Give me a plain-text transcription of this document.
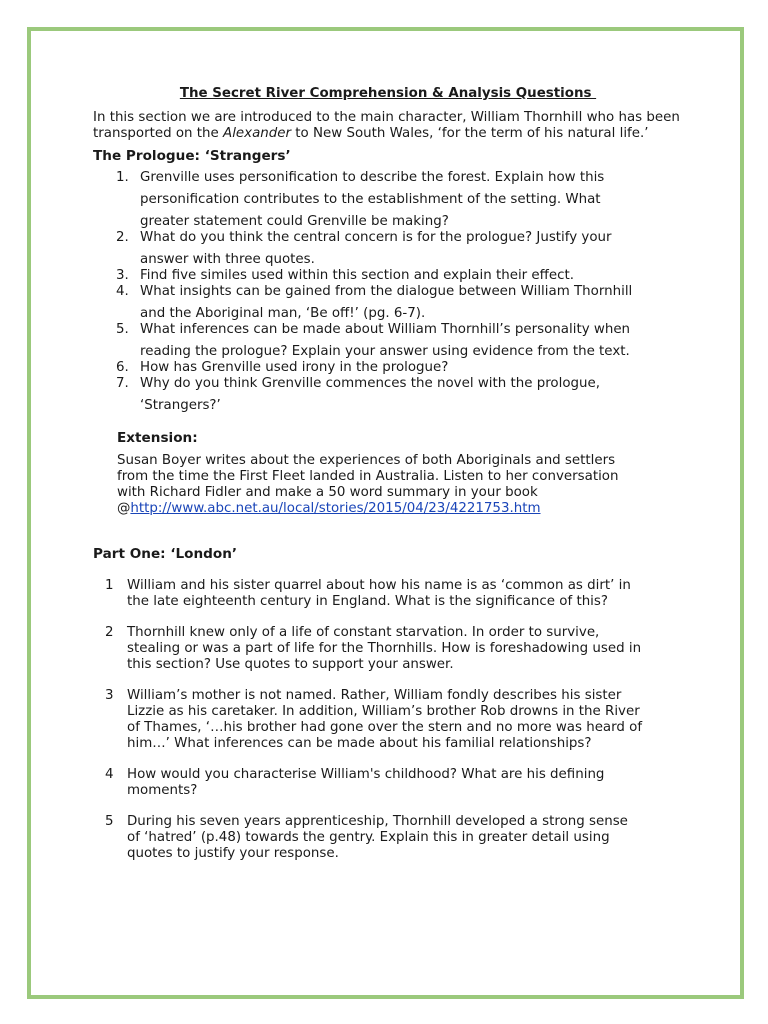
The Secret River Comprehension & Analysis Questions

In this section we are introduced to the main character, William Thornhill who has been transported on the Alexander to New South Wales, ‘for the term of his natural life.’

The Prologue: ‘Strangers’
1. Grenville uses personification to describe the forest. Explain how this
personification contributes to the establishment of the setting. What
greater statement could Grenville be making?
2. What do you think the central concern is for the prologue? Justify your
answer with three quotes.
3. Find five similes used within this section and explain their effect.
4. What insights can be gained from the dialogue between William Thornhill
and the Aboriginal man, ‘Be off!’ (pg. 6-7).
5. What inferences can be made about William Thornhill’s personality when
reading the prologue? Explain your answer using evidence from the text.
6. How has Grenville used irony in the prologue?
7. Why do you think Grenville commences the novel with the prologue,
‘Strangers?’
Extension:
Susan Boyer writes about the experiences of both Aboriginals and settlers
from the time the First Fleet landed in Australia. Listen to her conversation
with Richard Fidler and make a 50 word summary in your book
@http://www.abc.net.au/local/stories/2015/04/23/4221753.htm
Part One: ‘London’
1 William and his sister quarrel about how his name is as ‘common as dirt’ in
the late eighteenth century in England. What is the significance of this?
2 Thornhill knew only of a life of constant starvation. In order to survive,
stealing or was a part of life for the Thornhills. How is foreshadowing used in
this section? Use quotes to support your answer.
3 William’s mother is not named. Rather, William fondly describes his sister
Lizzie as his caretaker. In addition, William’s brother Rob drowns in the River
of Thames, ‘…his brother had gone over the stern and no more was heard of
him…’ What inferences can be made about his familial relationships?
4 How would you characterise William's childhood? What are his defining
moments?
5 During his seven years apprenticeship, Thornhill developed a strong sense
of ‘hatred’ (p.48) towards the gentry. Explain this in greater detail using
quotes to justify your response.
